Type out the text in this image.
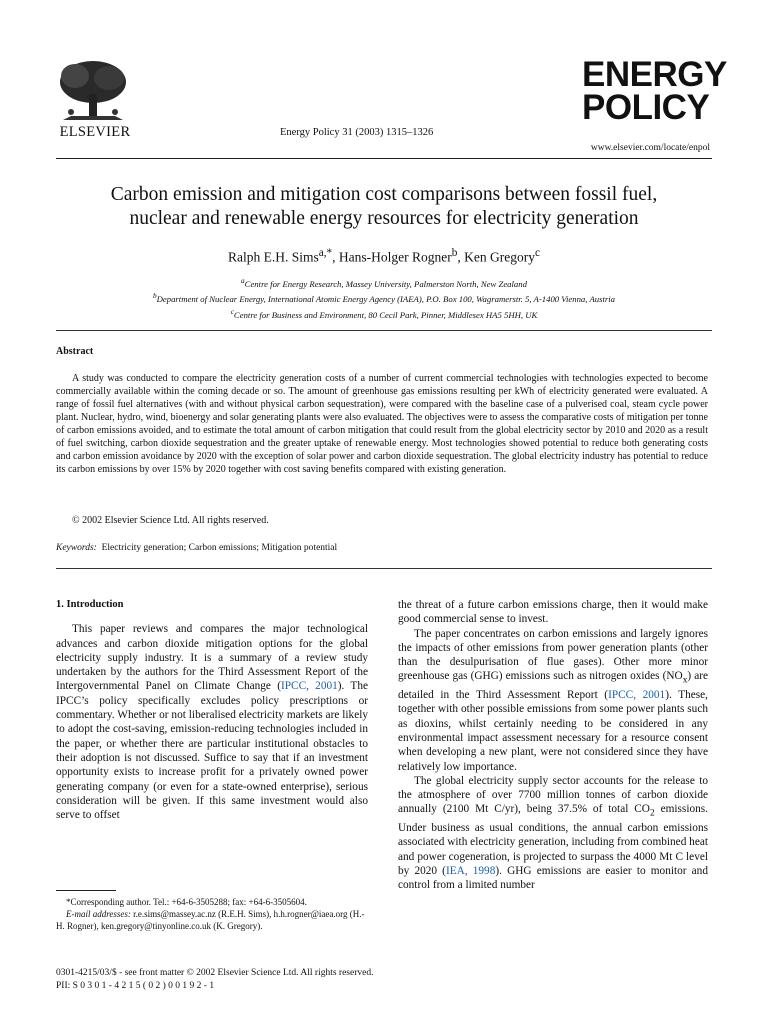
ELSEVIER	Energy Policy 31 (2003) 1315–1326
ENERGY
POLICY
www.elsevier.com/locate/enpol
Carbon emission and mitigation cost comparisons between fossil fuel,
nuclear and renewable energy resources for electricity generation
Ralph E.H. Sims$^{a,*}$, Hans-Holger Rogner$^b$, Ken Gregory$^c$
$^a$Centre for Energy Research, Massey University, Palmerston North, New Zealand
$^b$Department of Nuclear Energy, International Atomic Energy Agency (IAEA), P.O. Box 100, Wagramerstr. 5, A-1400 Vienna, Austria
$^c$Centre for Business and Environment, 80 Cecil Park, Pinner, Middlesex HA5 5HH, UK
Abstract
A study was conducted to compare the electricity generation costs of a number of current commercial technologies with technologies expected to become commercially available within the coming decade or so. The amount of greenhouse gas emissions resulting per kWh of electricity generated were evaluated. A range of fossil fuel alternatives (with and without physical carbon sequestration), were compared with the baseline case of a pulverised coal, steam cycle power plant. Nuclear, hydro, wind, bioenergy and solar generating plants were also evaluated. The objectives were to assess the comparative costs of mitigation per tonne of carbon emissions avoided, and to estimate the total amount of carbon mitigation that could result from the global electricity sector by 2010 and 2020 as a result of fuel switching, carbon dioxide sequestration and the greater uptake of renewable energy. Most technologies showed potential to reduce both generating costs and carbon emission avoidance by 2020 with the exception of solar power and carbon dioxide sequestration. The global electricity industry has potential to reduce its carbon emissions by over 15% by 2020 together with cost saving benefits compared with existing generation.
© 2002 Elsevier Science Ltd. All rights reserved.
Keywords: Electricity generation; Carbon emissions; Mitigation potential
1. Introduction

This paper reviews and compares the major technological advances and carbon dioxide mitigation options for the global electricity supply industry. It is a summary of a review study undertaken by the authors for the Third Assessment Report of the Intergovernmental Panel on Climate Change (IPCC, 2001). The IPCC’s policy specifically excludes policy prescriptions or commentary. Whether or not liberalised electricity markets are likely to adopt the cost-saving, emission-reducing technologies included in the paper, or whether there are particular institutional obstacles to their adoption is not discussed. Suffice to say that if an investment opportunity exists to increase profit for a privately owned power generating company (or even for a state-owned enterprise), serious consideration will be given. If this same investment would also serve to offset

the threat of a future carbon emissions charge, then it would make good commercial sense to invest.

The paper concentrates on carbon emissions and largely ignores the impacts of other emissions from power generation plants (other than the desulpurisation of flue gases). Other more minor greenhouse gas (GHG) emissions such as nitrogen oxides $(NO_x)$ are detailed in the Third Assessment Report (IPCC, 2001). These, together with other possible emissions from some power plants such as dioxins, whilst certainly needing to be considered in any environmental impact assessment necessary for a resource consent when developing a new plant, were not considered since they have relatively low importance.

The global electricity supply sector accounts for the release to the atmosphere of over 7700 million tonnes of carbon dioxide annually (2100 Mt C/yr), being 37.5% of total $CO_2$ emissions. Under business as usual conditions, the annual carbon emissions associated with electricity generation, including from combined heat and power cogeneration, is projected to surpass the 4000 Mt C level by 2020 (IEA, 1998). GHG emissions are easier to monitor and control from a limited number

*Corresponding author. Tel.: +64-6-3505288; fax: +64-6-3505604.
E-mail addresses: r.e.sims@massey.ac.nz (R.E.H. Sims), h.h.rogner@iaea.org (H.-H. Rogner), ken.gregory@tinyonline.co.uk (K. Gregory).
0301-4215/03/$ - see front matter © 2002 Elsevier Science Ltd. All rights reserved.
PII: S 0 3 0 1 - 4 2 1 5 ( 0 2 ) 0 0 1 9 2 - 1
